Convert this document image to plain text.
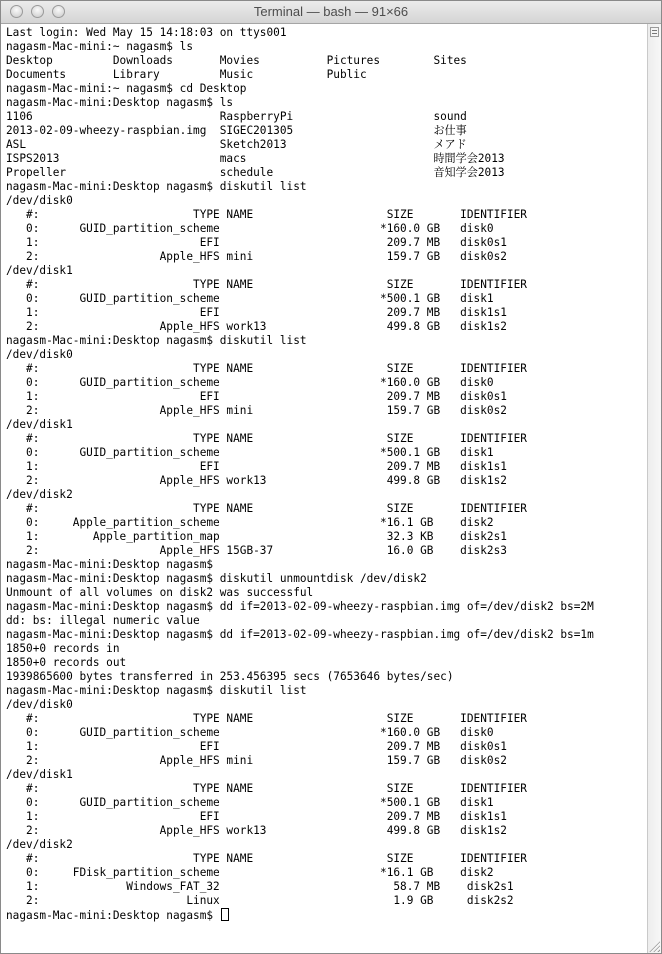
Terminal — bash — 91×66
Last login: Wed May 15 14:18:03 on ttys001
nagasm-Mac-mini:~ nagasm$ ls
Desktop         Downloads       Movies          Pictures        Sites
Documents       Library         Music           Public
nagasm-Mac-mini:~ nagasm$ cd Desktop
nagasm-Mac-mini:Desktop nagasm$ ls
1106                            RaspberryPi                     sound
2013-02-09-wheezy-raspbian.img  SIGEC201305                     お仕事
ASL                             Sketch2013                      メアド
ISPS2013                        macs                            時間学会2013
Propeller                       schedule                        音知学会2013
nagasm-Mac-mini:Desktop nagasm$ diskutil list
/dev/disk0
#:                       TYPE NAME                    SIZE       IDENTIFIER
0:      GUID_partition_scheme                        *160.0 GB   disk0
1:                        EFI                         209.7 MB   disk0s1
2:                  Apple_HFS mini                    159.7 GB   disk0s2
/dev/disk1
#:                       TYPE NAME                    SIZE       IDENTIFIER
0:      GUID_partition_scheme                        *500.1 GB   disk1
1:                        EFI                         209.7 MB   disk1s1
2:                  Apple_HFS work13                  499.8 GB   disk1s2
nagasm-Mac-mini:Desktop nagasm$ diskutil list
/dev/disk0
#:                       TYPE NAME                    SIZE       IDENTIFIER
0:      GUID_partition_scheme                        *160.0 GB   disk0
1:                        EFI                         209.7 MB   disk0s1
2:                  Apple_HFS mini                    159.7 GB   disk0s2
/dev/disk1
#:                       TYPE NAME                    SIZE       IDENTIFIER
0:      GUID_partition_scheme                        *500.1 GB   disk1
1:                        EFI                         209.7 MB   disk1s1
2:                  Apple_HFS work13                  499.8 GB   disk1s2
/dev/disk2
#:                       TYPE NAME                    SIZE       IDENTIFIER
0:     Apple_partition_scheme                        *16.1 GB    disk2
1:        Apple_partition_map                         32.3 KB    disk2s1
2:                  Apple_HFS 15GB-37                 16.0 GB    disk2s3
nagasm-Mac-mini:Desktop nagasm$
nagasm-Mac-mini:Desktop nagasm$ diskutil unmountdisk /dev/disk2
Unmount of all volumes on disk2 was successful
nagasm-Mac-mini:Desktop nagasm$ dd if=2013-02-09-wheezy-raspbian.img of=/dev/disk2 bs=2M
dd: bs: illegal numeric value
nagasm-Mac-mini:Desktop nagasm$ dd if=2013-02-09-wheezy-raspbian.img of=/dev/disk2 bs=1m
1850+0 records in
1850+0 records out
1939865600 bytes transferred in 253.456395 secs (7653646 bytes/sec)
nagasm-Mac-mini:Desktop nagasm$ diskutil list
/dev/disk0
#:                       TYPE NAME                    SIZE       IDENTIFIER
0:      GUID_partition_scheme                        *160.0 GB   disk0
1:                        EFI                         209.7 MB   disk0s1
2:                  Apple_HFS mini                    159.7 GB   disk0s2
/dev/disk1
#:                       TYPE NAME                    SIZE       IDENTIFIER
0:      GUID_partition_scheme                        *500.1 GB   disk1
1:                        EFI                         209.7 MB   disk1s1
2:                  Apple_HFS work13                  499.8 GB   disk1s2
/dev/disk2
#:                       TYPE NAME                    SIZE       IDENTIFIER
0:     FDisk_partition_scheme                        *16.1 GB    disk2
1:             Windows_FAT_32                          58.7 MB    disk2s1
2:                      Linux                          1.9 GB     disk2s2
nagasm-Mac-mini:Desktop nagasm$
